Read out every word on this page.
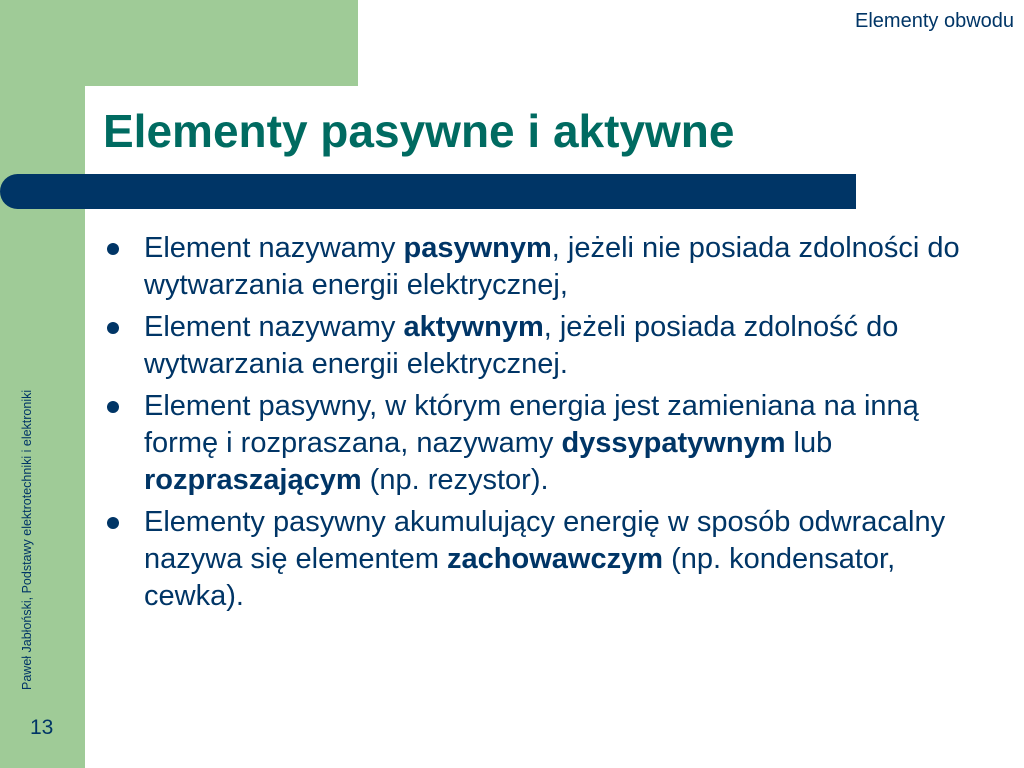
Elementy obwodu
Elementy pasywne i aktywne
Element nazywamy pasywnym, jeżeli nie posiada zdolności do wytwarzania energii elektrycznej,
Element nazywamy aktywnym, jeżeli posiada zdolność do wytwarzania energii elektrycznej.
Element pasywny, w którym energia jest zamieniana na inną formę i rozpraszana, nazywamy dyssypatywnym lub rozpraszającym (np. rezystor).
Elementy pasywny akumulujący energię w sposób odwracalny nazywa się elementem zachowawczym (np. kondensator, cewka).
Paweł Jabłoński, Podstawy elektrotechniki i elektroniki
13
